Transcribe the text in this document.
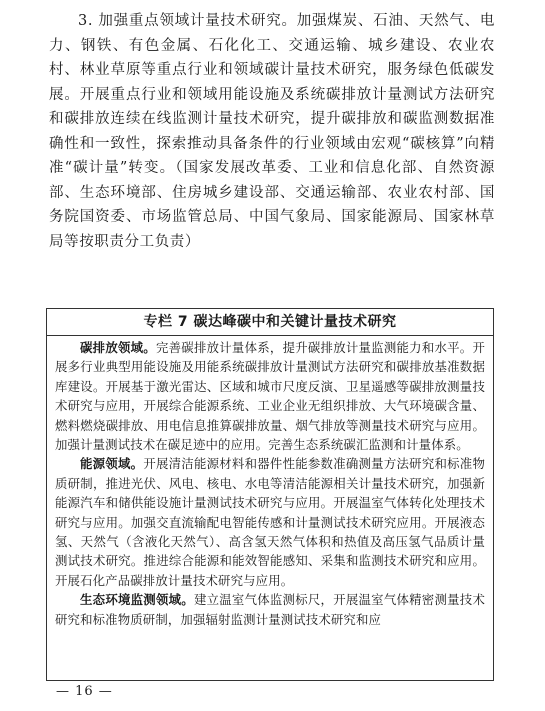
3. 加强重点领域计量技术研究。加强煤炭、石油、天然气、电力、钢铁、有色金属、石化化工、交通运输、城乡建设、农业农村、林业草原等重点行业和领域碳计量技术研究，服务绿色低碳发展。开展重点行业和领域用能设施及系统碳排放计量测试方法研究和碳排放连续在线监测计量技术研究，提升碳排放和碳监测数据准确性和一致性，探索推动具备条件的行业领域由宏观“碳核算”向精准“碳计量”转变。（国家发展改革委、工业和信息化部、自然资源部、生态环境部、住房城乡建设部、交通运输部、农业农村部、国务院国资委、市场监管总局、中国气象局、国家能源局、国家林草局等按职责分工负责）

专栏 7 碳达峰碳中和关键计量技术研究

碳排放领域。完善碳排放计量体系，提升碳排放计量监测能力和水平。开展多行业典型用能设施及用能系统碳排放计量测试方法研究和碳排放基准数据库建设。开展基于激光雷达、区域和城市尺度反演、卫星遥感等碳排放测量技术研究与应用，开展综合能源系统、工业企业无组织排放、大气环境碳含量、燃料燃烧碳排放、用电信息推算碳排放量、烟气排放等测量技术研究与应用。加强计量测试技术在碳足迹中的应用。完善生态系统碳汇监测和计量体系。

能源领域。开展清洁能源材料和器件性能参数准确测量方法研究和标准物质研制，推进光伏、风电、核电、水电等清洁能源相关计量技术研究，加强新能源汽车和储供能设施计量测试技术研究与应用。开展温室气体转化处理技术研究与应用。加强交直流输配电智能传感和计量测试技术研究应用。开展液态氢、天然气（含液化天然气）、高含氢天然气体积和热值及高压氢气品质计量测试技术研究。推进综合能源和能效智能感知、采集和监测技术研究和应用。开展石化产品碳排放计量技术研究与应用。

生态环境监测领域。建立温室气体监测标尺，开展温室气体精密测量技术研究和标准物质研制，加强辐射监测计量测试技术研究和应

— 16 —
